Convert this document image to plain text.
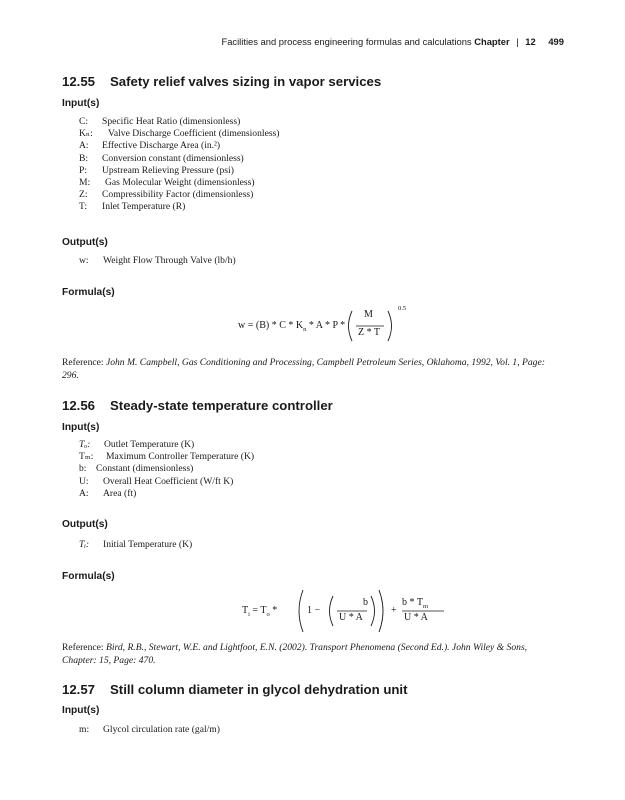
Facilities and process engineering formulas and calculations Chapter | 12 499
12.55 Safety relief valves sizing in vapor services
Input(s)
C: Specific Heat Ratio (dimensionless)
Kₙ: Valve Discharge Coefficient (dimensionless)
A: Effective Discharge Area (in.²)
B: Conversion constant (dimensionless)
P: Upstream Relieving Pressure (psi)
M: Gas Molecular Weight (dimensionless)
Z: Compressibility Factor (dimensionless)
T: Inlet Temperature (R)
Output(s)
w: Weight Flow Through Valve (lb/h)
Formula(s)
$w = (B) * C * K_n * A * P$ *
M
Z * T
0.5
Reference: John M. Campbell, Gas Conditioning and Processing, Campbell Petroleum Series, Oklahoma, 1992, Vol. 1, Page: 296.
12.56 Steady-state temperature controller
Input(s)
Tₒ: Outlet Temperature (K)
Tₘ: Maximum Controller Temperature (K)
b: Constant (dimensionless)
U: Overall Heat Coefficient (W/ft K)
A: Area (ft)
Output(s)
Tᵢ: Initial Temperature (K)
Formula(s)
$T_i = T_o$ *	1 −
b
U * A
+
b * $T_m$
U * A
Reference: Bird, R.B., Stewart, W.E. and Lightfoot, E.N. (2002). Transport Phenomena (Second Ed.). John Wiley & Sons, Chapter: 15, Page: 470.
12.57 Still column diameter in glycol dehydration unit
Input(s)
m: Glycol circulation rate (gal/m)
